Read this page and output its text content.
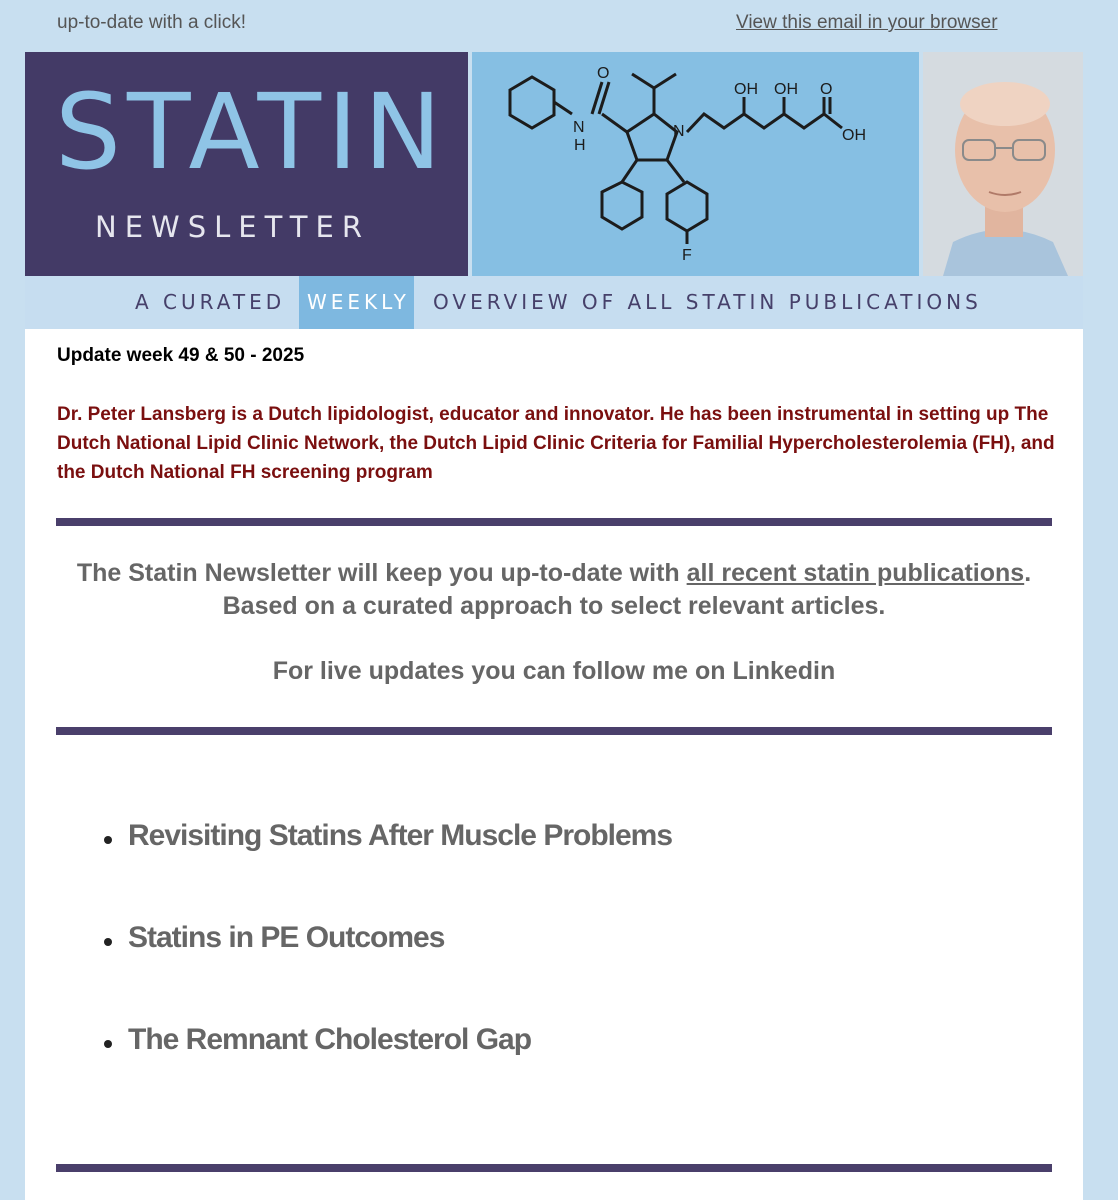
up-to-date with a click!	View this email in your browser
STATIN
NEWSLETTER
N
H
O
N
OH OH O
OH
F
A CURATED	WEEKLY OVERVIEW OF ALL STATIN PUBLICATIONS
Update week 49 & 50 - 2025
Dr. Peter Lansberg is a Dutch lipidologist, educator and innovator. He has been instrumental in setting up The Dutch National Lipid Clinic Network, the Dutch Lipid Clinic Criteria for Familial Hypercholesterolemia (FH), and the Dutch National FH screening program
The Statin Newsletter will keep you up-to-date with all recent statin publications. Based on a curated approach to select relevant articles.
For live updates you can follow me on Linkedin
Revisiting Statins After Muscle Problems
Statins in PE Outcomes
The Remnant Cholesterol Gap
